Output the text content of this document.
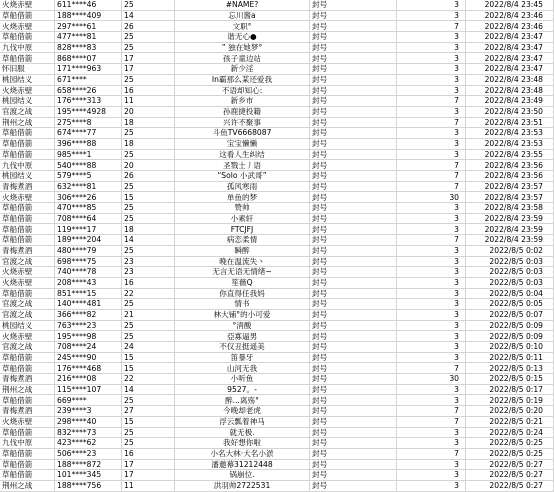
火烧赤壁	611****46	25	#NAME?	封号	3	2022/8/4 23:45
草船借箭	188****409	14	忘川酱a	封号	3	2022/8/4 23:46
火烧赤壁	297****61	26	文职°	封号	7	2022/8/4 23:46
草船借箭	477****81	25	谐无心●	封号	3	2022/8/4 23:47
九伐中原	828****83	25	” 独在她梦°	封号	3	2022/8/4 23:47
草船借箭	868****07	17	孩子童边站	封号	3	2022/8/4 23:47
怀旧服	171****963	17	新少淫	封号	3	2022/8/4 23:47
桃园结义	671****	25	In霸那么某还爱我	封号	3	2022/8/4 23:48
火烧赤壁	658****26	16	不语却知心:	封号	3	2022/8/4 23:48
桃园结义	176****313	11	新乡市	封号	7	2022/8/4 23:49
官渡之战	195****4928	20	孙鹿捷投籍	封号	3	2022/8/4 23:50
荆州之战	275****8	18	兴许不聚事	封号	7	2022/8/4 23:51
草船借箭	674****77	25	斗鱼TV6668087	封号	3	2022/8/4 23:53
草船借箭	396****88	18	宝宝懒懒	封号	3	2022/8/4 23:53
草船借箭	985****1	25	这看人生纠结	封号	3	2022/8/4 23:55
九伐中原	540****88	20	圣戮士丿语	封号	7	2022/8/4 23:56
桃园结义	579****5	26	“Solo 小武哥”	封号	7	2022/8/4 23:56
青梅煮酒	632****81	25	孤风寒雨	封号	7	2022/8/4 23:57
火烧赤壁	306****26	15	单鱼的梦	封号	30	2022/8/4 23:57
草船借箭	470****85	25	赞帅	封号	3	2022/8/4 23:58
草船借箭	708****64	25	小素轩	封号	3	2022/8/4 23:59
草船借箭	119****17	18	FTCJFJ	封号	3	2022/8/4 23:59
草船借箭	189****204	14	病恋柔情	封号	7	2022/8/4 23:59
青梅煮酒	480****79	25	瞬醉	封号	3	2022/8/5 0:02
官渡之战	698****75	23	晚在温流失丶	封号	3	2022/8/5 0:03
火烧赤壁	740****78	23	无言无语无情绪~	封号	3	2022/8/5 0:03
火烧赤壁	208****43	16	笙薇Q	封号	3	2022/8/5 0:03
草船借箭	851****15	22	你直得任我妈	封号	3	2022/8/5 0:04
官渡之战	140****481	25	情书	封号	3	2022/8/5 0:05
官渡之战	366****82	21	林大铺°的小可爱	封号	3	2022/8/5 0:07
桃园结义	763****23	25	°淸酸	封号	3	2022/8/5 0:09
火烧赤壁	195****98	25	亞寡逼男	封号	3	2022/8/5 0:09
官渡之战	708****24	24	不仅丑挺遥美	封号	3	2022/8/5 0:10
草船借箭	245****90	15	笛暴牙	封号	3	2022/8/5 0:11
草船借箭	176****468	15	山河无我	封号	7	2022/8/5 0:13
青梅煮酒	216****08	22	小听鱼	封号	30	2022/8/5 0:15
荆州之战	115****107	14	9527。-	封号	3	2022/8/5 0:17
草船借箭	669****	25	醉...离殇°	封号	3	2022/8/5 0:19
青梅煮酒	239****3	27	今晚却老虎	封号	7	2022/8/5 0:20
火烧赤壁	298****40	15	浮云瓢着神马	封号	7	2022/8/5 0:21
草船借箭	832****73	25	就无极.	封号	3	2022/8/5 0:24
九伐中原	423****62	25	我好想你啦	封号	3	2022/8/5 0:25
草船借箭	506****23	16	小名大林·大名小淤	封号	7	2022/8/5 0:25
草船借箭	188****872	17	潘邀幕31212448	封号	3	2022/8/5 0:27
草船借箭	101****345	17	锅崩位.	封号	3	2022/8/5 0:27
荆州之战	188****756	11	洪羽帅2722531	封号	3	2022/8/5 0:27
